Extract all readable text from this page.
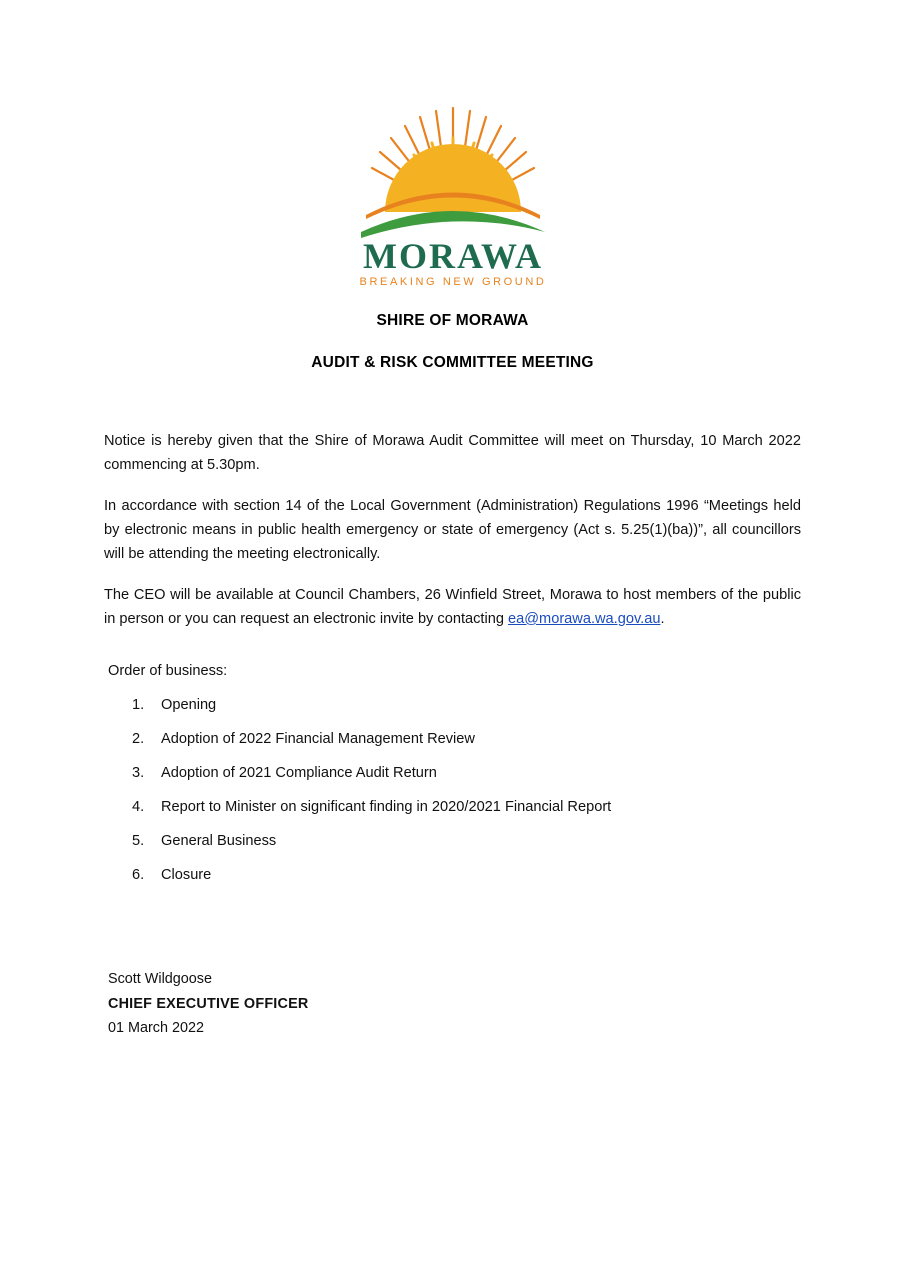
MORAWA
BREAKING NEW GROUND
SHIRE OF MORAWA
AUDIT & RISK COMMITTEE MEETING

Notice is hereby given that the Shire of Morawa Audit Committee will meet on Thursday, 10 March 2022 commencing at 5.30pm.

In accordance with section 14 of the Local Government (Administration) Regulations 1996 “Meetings held by electronic means in public health emergency or state of emergency (Act s. 5.25(1)(ba))”, all councillors will be attending the meeting electronically.

The CEO will be available at Council Chambers, 26 Winfield Street, Morawa to host members of the public in person or you can request an electronic invite by contacting ea@morawa.wa.gov.au.

Order of business:
1.	Opening
2.	Adoption of 2022 Financial Management Review
3.	Adoption of 2021 Compliance Audit Return
4.	Report to Minister on significant finding in 2020/2021 Financial Report
5.	General Business
6.	Closure
Scott Wildgoose
CHIEF EXECUTIVE OFFICER
01 March 2022
